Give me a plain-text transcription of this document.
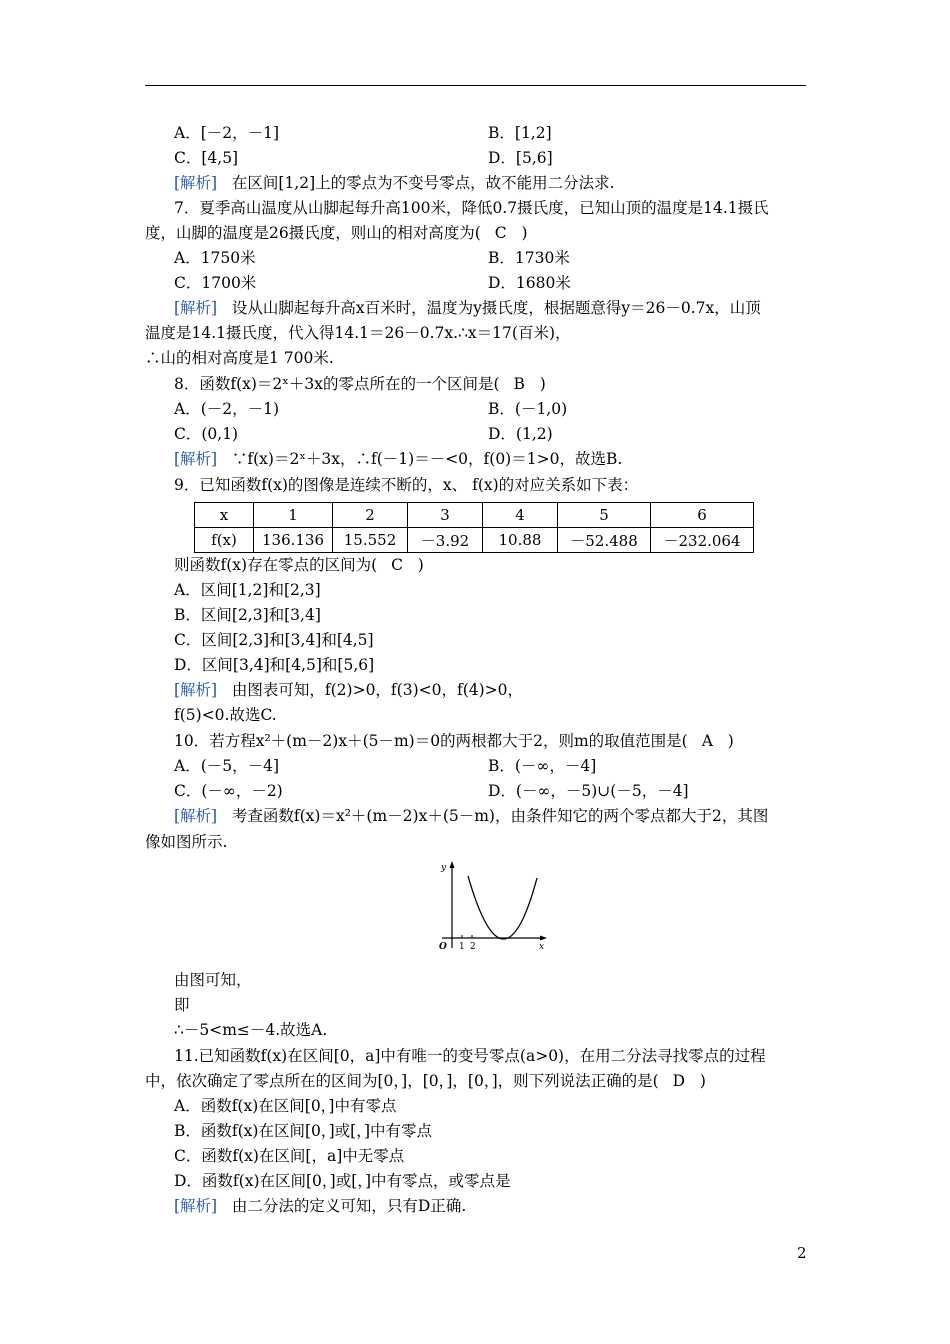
A．[－2，－1]	B．[1,2]
C．[4,5]	D．[5,6]
[解析] 在区间[1,2]上的零点为不变号零点，故不能用二分法求.
7．夏季高山温度从山脚起每升高100米，降低0.7摄氏度，已知山顶的温度是14.1摄氏
度，山脚的温度是26摄氏度，则山的相对高度为( C )
A．1750米	B．1730米
C．1700米	D．1680米
[解析] 设从山脚起每升高x百米时，温度为y摄氏度，根据题意得y＝26－0.7x，山顶
温度是14.1摄氏度，代入得14.1＝26－0.7x.∴x＝17(百米)，
∴山的相对高度是1 700米.
8．函数f(x)＝2ˣ＋3x的零点所在的一个区间是( B )
A．(－2，－1)	B．(－1,0)
C．(0,1)	D．(1,2)
[解析] ∵f(x)＝2ˣ＋3x，∴f(－1)＝－<0，f(0)＝1>0，故选B.
9．已知函数f(x)的图像是连续不断的，x、 f(x)的对应关系如下表：
x	1	2	3	4	5	6
f(x)	136.136	15.552	－3.92	10.88	－52.488	－232.064
则函数f(x)存在零点的区间为( C )
A．区间[1,2]和[2,3]
B．区间[2,3]和[3,4]
C．区间[2,3]和[3,4]和[4,5]
D．区间[3,4]和[4,5]和[5,6]
[解析] 由图表可知，f(2)>0，f(3)<0，f(4)>0，
f(5)<0.故选C.
10．若方程x²＋(m－2)x＋(5－m)＝0的两根都大于2，则m的取值范围是( A )
A．(－5，－4]	B．(－∞，－4]
C．(－∞，－2)	D．(－∞，－5)∪(－5，－4]
[解析] 考查函数f(x)＝x²＋(m－2)x＋(5－m)，由条件知它的两个零点都大于2，其图
像如图所示.
y
x
O 1 2
由图可知，
即
∴－5<m≤－4.故选A.
11.已知函数f(x)在区间[0，a]中有唯一的变号零点(a>0)，在用二分法寻找零点的过程
中，依次确定了零点所在的区间为[0，]，[0，]，[0，]，则下列说法正确的是( D )
A．函数f(x)在区间[0，]中有零点
B．函数f(x)在区间[0，]或[，]中有零点
C．函数f(x)在区间[，a]中无零点
D．函数f(x)在区间[0，]或[，]中有零点，或零点是
[解析] 由二分法的定义可知，只有D正确.
2
